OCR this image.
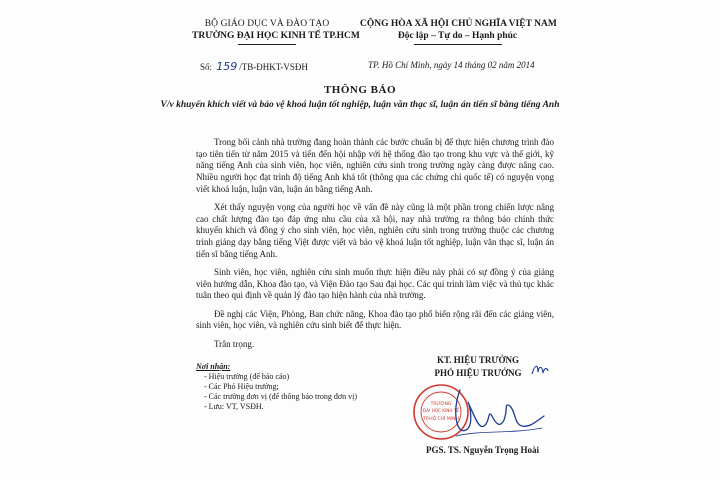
BỘ GIÁO DỤC VÀ ĐÀO TẠO
TRƯỜNG ĐẠI HỌC KINH TẾ TP.HCM
CỘNG HÒA XÃ HỘI CHỦ NGHĨA VIỆT NAM
Độc lập – Tự do – Hạnh phúc
Số: 159 /TB-ĐHKT-VSĐH	TP. Hồ Chí Minh, ngày 14 tháng 02 năm 2014
THÔNG BÁO
V/v khuyến khích viết và bảo vệ khoá luận tốt nghiệp, luận văn thạc sĩ, luận án tiến sĩ bằng tiếng Anh

Trong bối cảnh nhà trường đang hoàn thành các bước chuẩn bị để thực hiện chương trình đào tạo tiên tiến từ năm 2015 và tiến đến hội nhập với hệ thống đào tạo trong khu vực và thế giới, kỹ năng tiếng Anh của sinh viên, học viên, nghiên cứu sinh trong trường ngày càng được nâng cao. Nhiều người học đạt trình độ tiếng Anh khá tốt (thông qua các chứng chỉ quốc tế) có nguyện vọng viết khoá luận, luận văn, luận án bằng tiếng Anh.

Xét thấy nguyện vọng của người học về vấn đề này cũng là một phần trong chiến lược nâng cao chất lượng đào tạo đáp ứng nhu cầu của xã hội, nay nhà trường ra thông báo chính thức khuyến khích và đồng ý cho sinh viên, học viên, nghiên cứu sinh trong trường thuộc các chương trình giảng dạy bằng tiếng Việt được viết và bảo vệ khoá luận tốt nghiệp, luận văn thạc sĩ, luận án tiến sĩ bằng tiếng Anh.

Sinh viên, học viên, nghiên cứu sinh muốn thực hiện điều này phải có sự đồng ý của giảng viên hướng dẫn, Khoa đào tạo, và Viện Đào tạo Sau đại học. Các qui trình làm việc và thủ tục khác tuân theo qui định về quản lý đào tạo hiện hành của nhà trường.

Đề nghị các Viện, Phòng, Ban chức năng, Khoa đào tạo phổ biến rộng rãi đến các giảng viên, sinh viên, học viên, và nghiên cứu sinh biết để thực hiện.

Trân trọng.

Nơi nhận:
- Hiệu trưởng (để báo cáo)
- Các Phó Hiệu trưởng;
- Các trường đơn vị (để thông báo trong đơn vị)
- Lưu: VT, VSĐH.
KT. HIỆU TRƯỞNG
PHÓ HIỆU TRƯỞNG
TRƯỜNG
ĐẠI HỌC KINH TẾ
TP.HỒ CHÍ MINH
PGS. TS. Nguyễn Trọng Hoài
